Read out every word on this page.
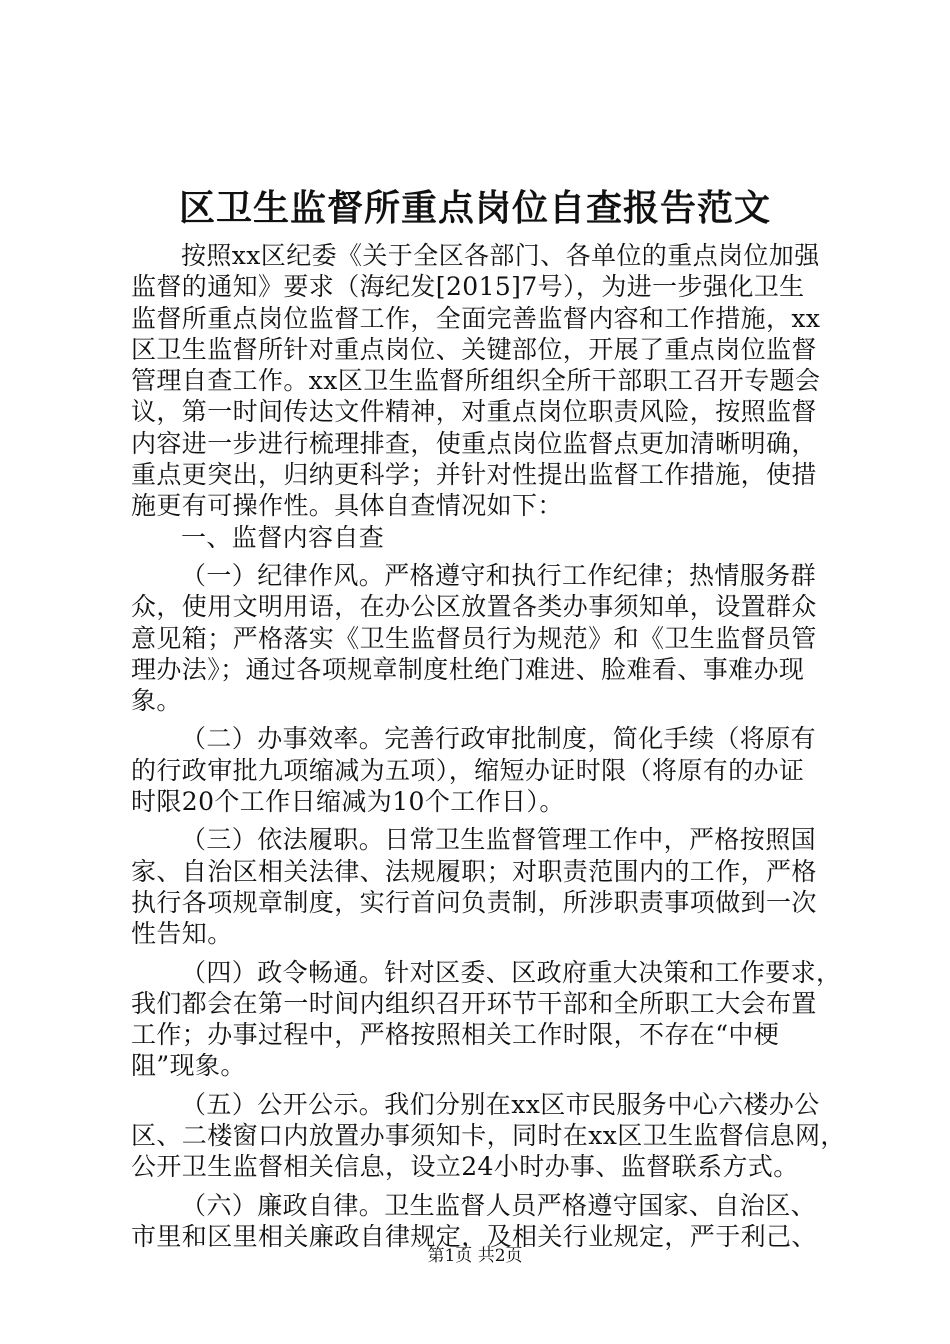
区卫生监督所重点岗位自查报告范文
按照xx区纪委《关于全区各部门、各单位的重点岗位加强
监督的通知》要求（海纪发[2015]7号），为进一步强化卫生
监督所重点岗位监督工作，全面完善监督内容和工作措施，xx
区卫生监督所针对重点岗位、关键部位，开展了重点岗位监督
管理自查工作。xx区卫生监督所组织全所干部职工召开专题会
议，第一时间传达文件精神，对重点岗位职责风险，按照监督
内容进一步进行梳理排查，使重点岗位监督点更加清晰明确，
重点更突出，归纳更科学；并针对性提出监督工作措施，使措
施更有可操作性。具体自查情况如下：
一、监督内容自查
（一）纪律作风。严格遵守和执行工作纪律；热情服务群
众，使用文明用语，在办公区放置各类办事须知单，设置群众
意见箱；严格落实《卫生监督员行为规范》和《卫生监督员管
理办法》；通过各项规章制度杜绝门难进、脸难看、事难办现
象。
（二）办事效率。完善行政审批制度，简化手续（将原有
的行政审批九项缩减为五项），缩短办证时限（将原有的办证
时限20个工作日缩减为10个工作日）。
（三）依法履职。日常卫生监督管理工作中，严格按照国
家、自治区相关法律、法规履职；对职责范围内的工作，严格
执行各项规章制度，实行首问负责制，所涉职责事项做到一次
性告知。
（四）政令畅通。针对区委、区政府重大决策和工作要求，
我们都会在第一时间内组织召开环节干部和全所职工大会布置
工作；办事过程中，严格按照相关工作时限，不存在“中梗
阻”现象。
（五）公开公示。我们分别在xx区市民服务中心六楼办公
区、二楼窗口内放置办事须知卡，同时在xx区卫生监督信息网，
公开卫生监督相关信息，设立24小时办事、监督联系方式。
（六）廉政自律。卫生监督人员严格遵守国家、自治区、
市里和区里相关廉政自律规定，及相关行业规定，严于利己、
第1页 共2页
